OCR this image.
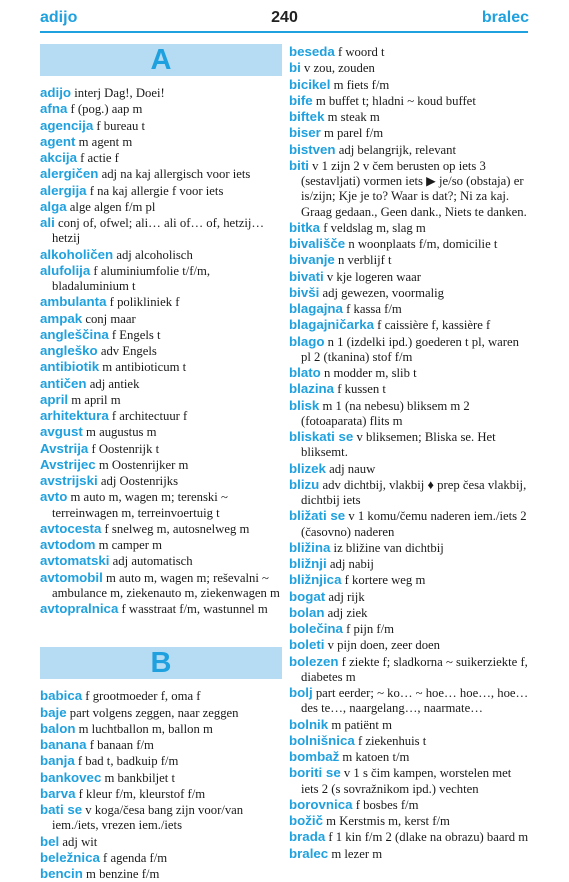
adijo	240	bralec
A
adijo interj Dag!, Doei!
afna f (pog.) aap m
agencija f bureau t
agent m agent m
akcija f actie f
alergičen adj na kaj allergisch voor iets
alergija f na kaj allergie f voor iets
alga alge algen f/m pl
ali conj of, ofwel; ali… ali of… of, hetzij… hetzij
alkoholičen adj alcoholisch
alufolija f aluminiumfolie t/f/m, bladaluminium t
ambulanta f polikliniek f
ampak conj maar
angleščina f Engels t
angleško adv Engels
antibiotik m antibioticum t
antičen adj antiek
april m april m
arhitektura f architectuur f
avgust m augustus m
Avstrija f Oostenrijk t
Avstrijec m Oostenrijker m
avstrijski adj Oostenrijks
avto m auto m, wagen m; terenski ~ terreinwagen m, terreinvoertuig t
avtocesta f snelweg m, autosnelweg m
avtodom m camper m
avtomatski adj automatisch
avtomobil m auto m, wagen m; reševalni ~ ambulance m, ziekenauto m, ziekenwagen m
avtopralnica f wasstraat f/m, wastunnel m
B
babica f grootmoeder f, oma f
baje part volgens zeggen, naar zeggen
balon m luchtballon m, ballon m
banana f banaan f/m
banja f bad t, badkuip f/m
bankovec m bankbiljet t
barva f kleur f/m, kleurstof f/m
bati se v koga/česa bang zijn voor/van iem./iets, vrezen iem./iets
bel adj wit
beležnica f agenda f/m
bencin m benzine f/m
beseda f woord t
bi v zou, zouden
bicikel m fiets f/m
bife m buffet t; hladni ~ koud buffet
biftek m steak m
biser m parel f/m
bistven adj belangrijk, relevant
biti v 1 zijn 2 v čem berusten op iets 3 (sestavljati) vormen iets ▶ je/so (obstaja) er is/zijn; Kje je to? Waar is dat?; Ni za kaj. Graag gedaan., Geen dank., Niets te danken.
bitka f veldslag m, slag m
bivališče n woonplaats f/m, domicilie t
bivanje n verblijf t
bivati v kje logeren waar
bivši adj gewezen, voormalig
blagajna f kassa f/m
blagajničarka f caissière f, kassière f
blago n 1 (izdelki ipd.) goederen t pl, waren pl 2 (tkanina) stof f/m
blato n modder m, slib t
blazina f kussen t
blisk m 1 (na nebesu) bliksem m 2 (fotoaparata) flits m
bliskati se v bliksemen; Bliska se. Het bliksemt.
blizek adj nauw
blizu adv dichtbij, vlakbij ♦ prep česa vlakbij, dichtbij iets
bližati se v 1 komu/čemu naderen iem./iets 2 (časovno) naderen
bližina iz bližine van dichtbij
bližnji adj nabij
bližnjica f kortere weg m
bogat adj rijk
bolan adj ziek
bolečina f pijn f/m
boleti v pijn doen, zeer doen
bolezen f ziekte f; sladkorna ~ suikerziekte f, diabetes m
bolj part eerder; ~ ko… ~ hoe… hoe…, hoe… des te…, naargelang…, naarmate…
bolnik m patiënt m
bolnišnica f ziekenhuis t
bombaž m katoen t/m
boriti se v 1 s čim kampen, worstelen met iets 2 (s sovražnikom ipd.) vechten
borovnica f bosbes f/m
božič m Kerstmis m, kerst f/m
brada f 1 kin f/m 2 (dlake na obrazu) baard m
bralec m lezer m
